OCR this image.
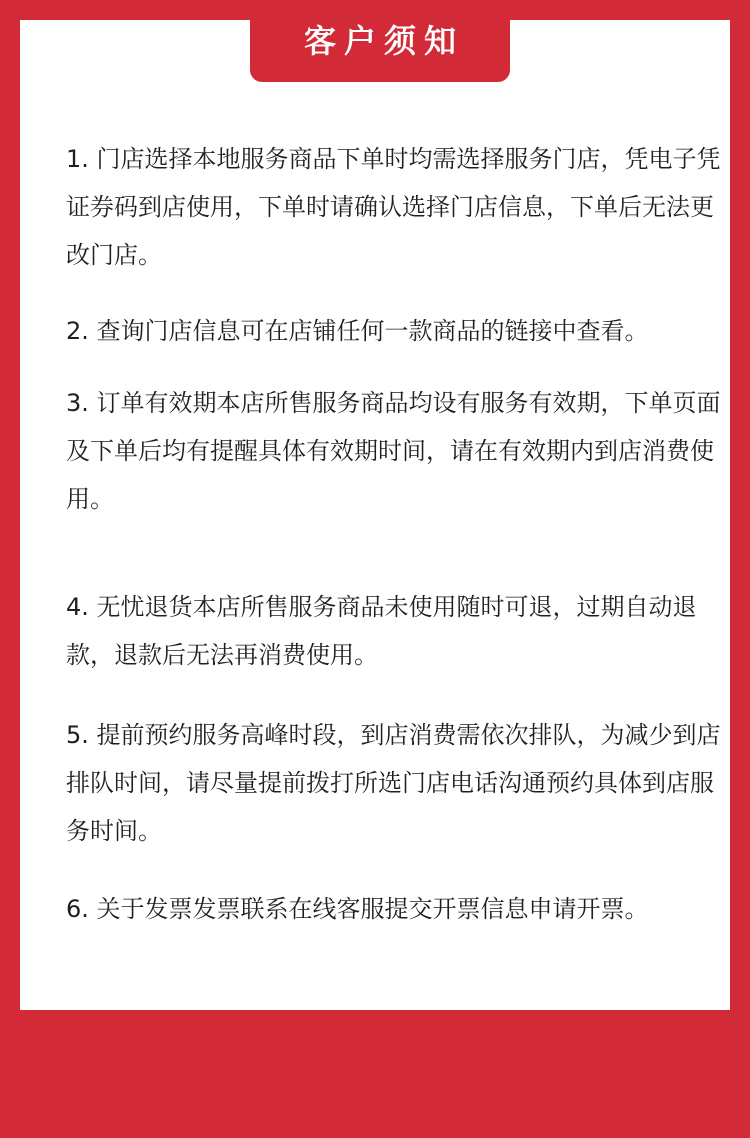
客户须知
1. 门店选择本地服务商品下单时均需选择服务门店，凭电子凭证券码到店使用，下单时请确认选择门店信息，下单后无法更改门店。
2. 查询门店信息可在店铺任何一款商品的链接中查看。
3. 订单有效期本店所售服务商品均设有服务有效期，下单页面及下单后均有提醒具体有效期时间，请在有效期内到店消费使用。
4. 无忧退货本店所售服务商品未使用随时可退，过期自动退款，退款后无法再消费使用。
5. 提前预约服务高峰时段，到店消费需依次排队，为减少到店排队时间，请尽量提前拨打所选门店电话沟通预约具体到店服务时间。
6. 关于发票发票联系在线客服提交开票信息申请开票。
